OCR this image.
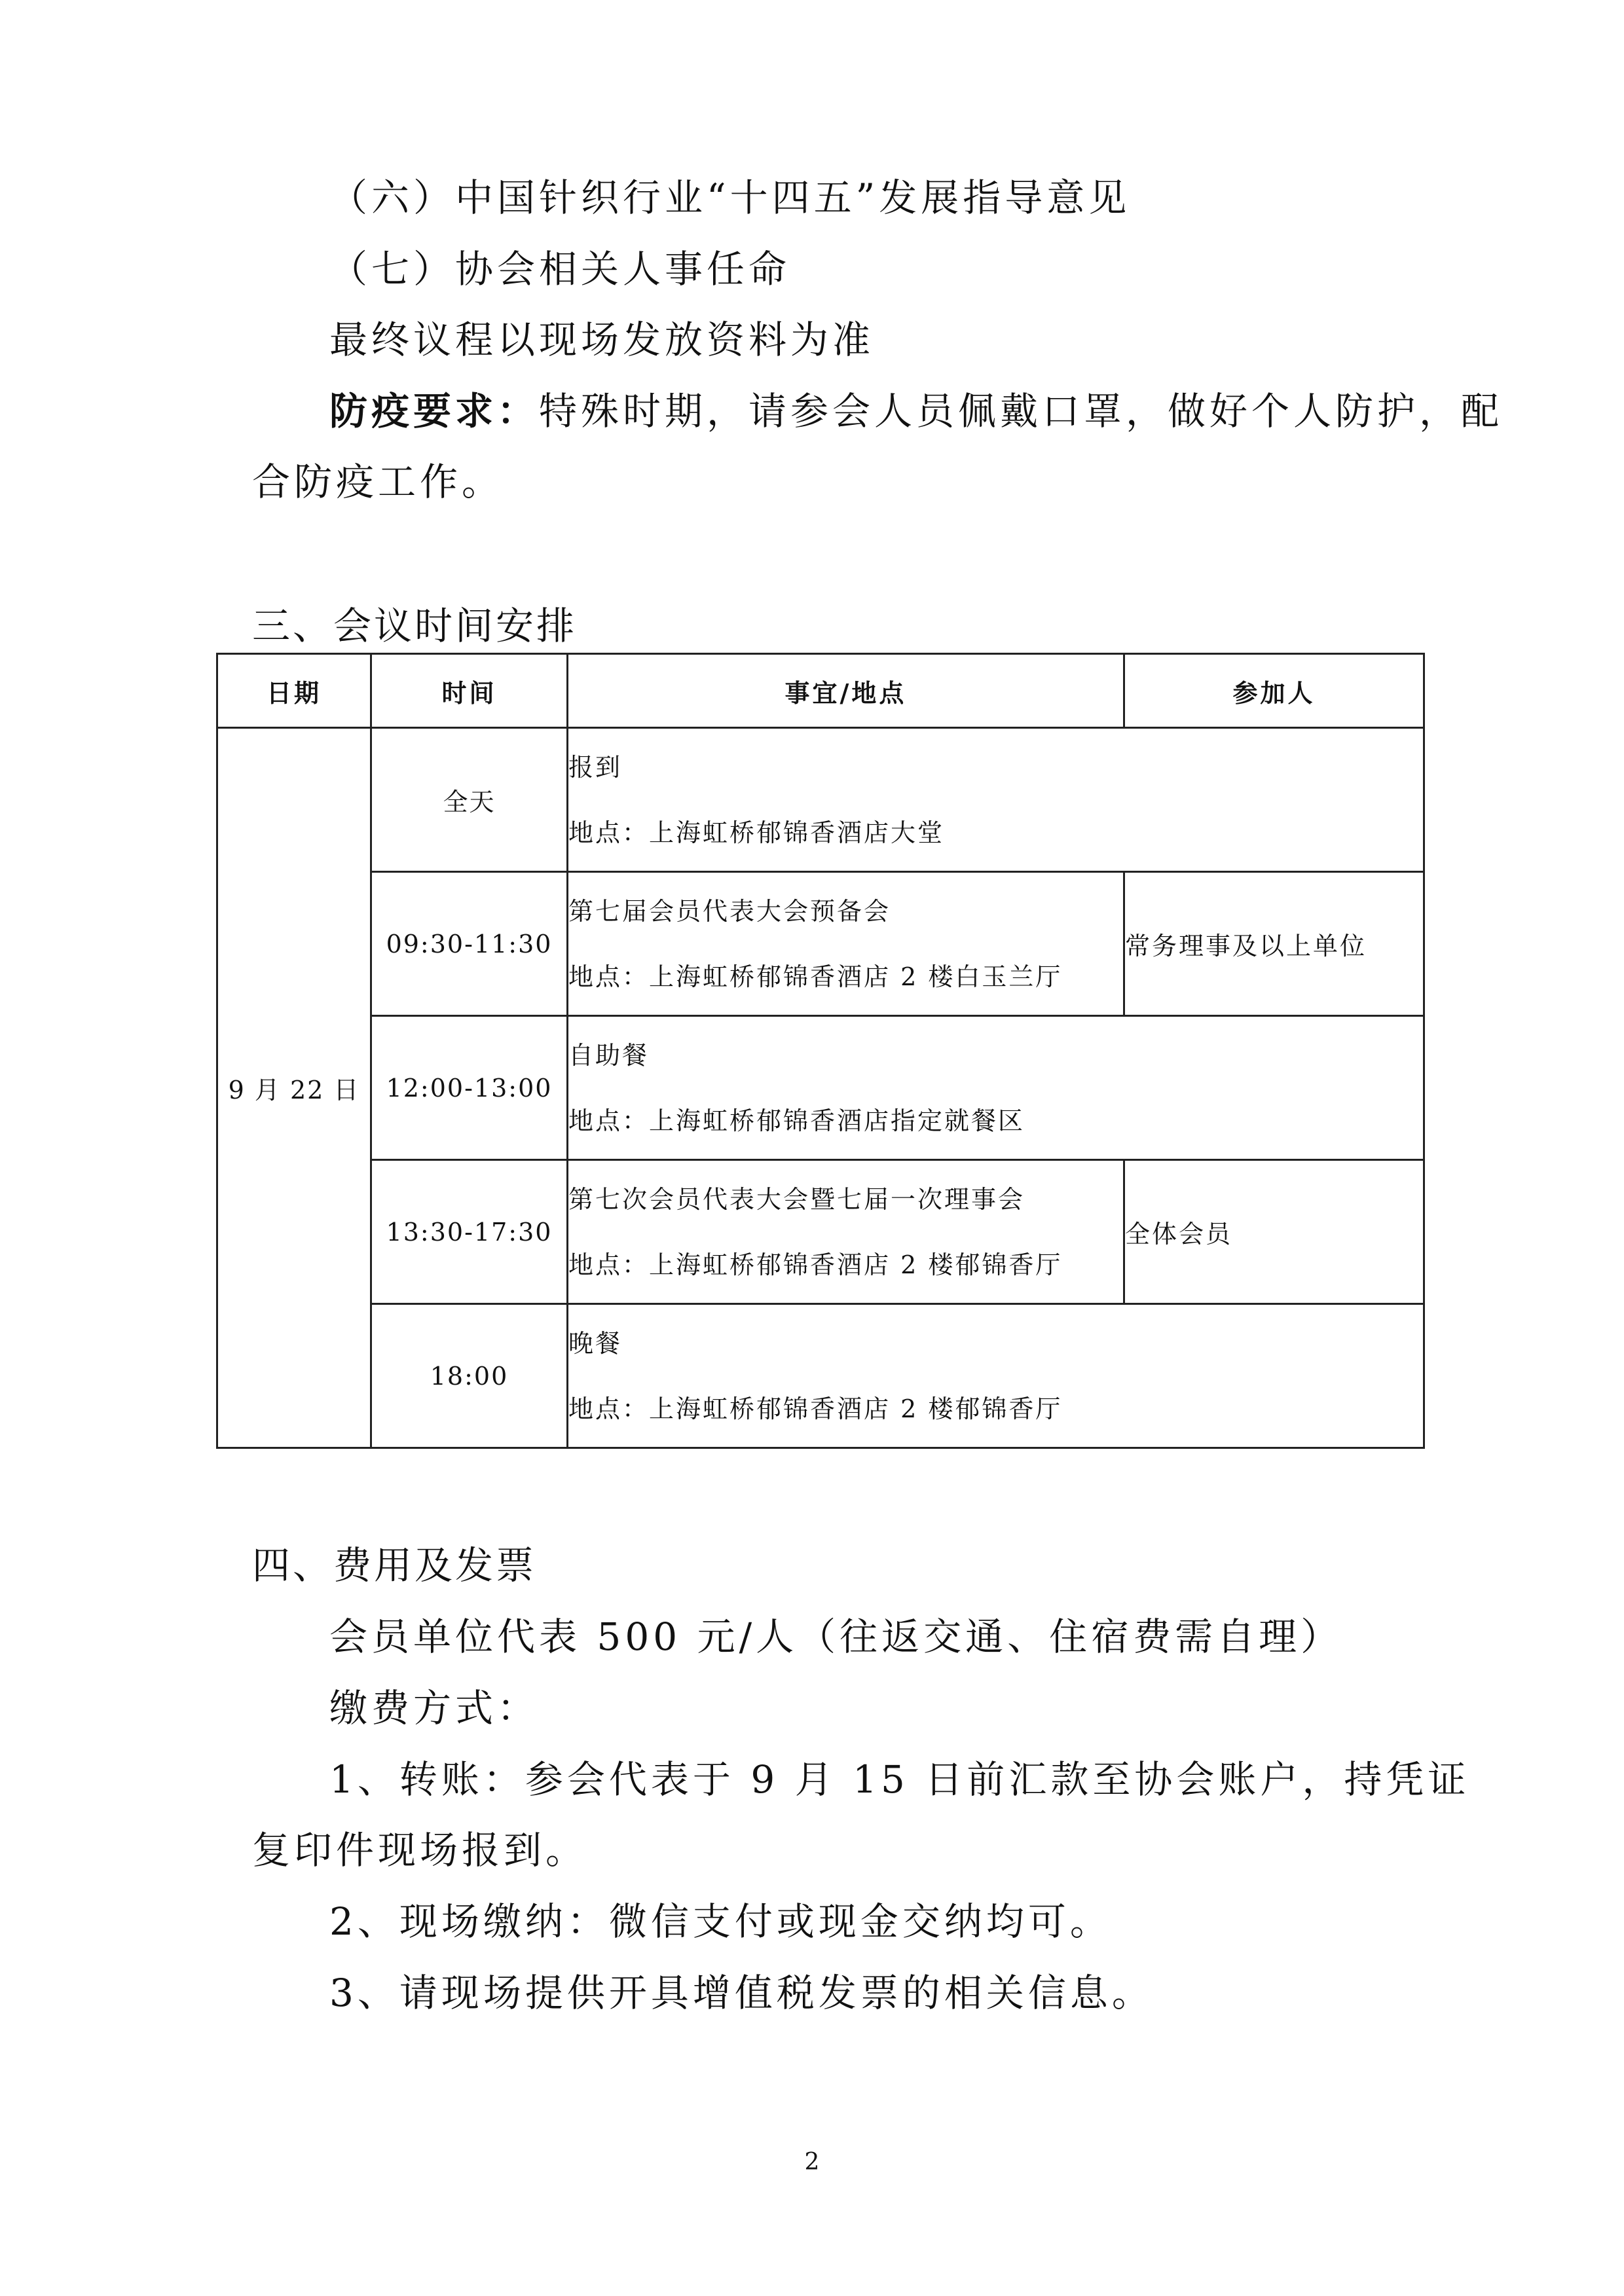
（六）中国针织行业“十四五”发展指导意见
（七）协会相关人事任命
最终议程以现场发放资料为准
防疫要求：特殊时期，请参会人员佩戴口罩，做好个人防护，配
合防疫工作。
三、会议时间安排
日期	时间	事宜/地点	参加人
9 月 22 日	全天	报到
地点：上海虹桥郁锦香酒店大堂	

	09:30-11:30	第七届会员代表大会预备会
地点：上海虹桥郁锦香酒店 2 楼白玉兰厅	常务理事及以上单位
	12:00-13:00	自助餐
地点：上海虹桥郁锦香酒店指定就餐区	

	13:30-17:30	第七次会员代表大会暨七届一次理事会
地点：上海虹桥郁锦香酒店 2 楼郁锦香厅	全体会员
	18:00	晚餐
地点：上海虹桥郁锦香酒店 2 楼郁锦香厅	
四、费用及发票
会员单位代表 500 元/人（往返交通、住宿费需自理）
缴费方式：
1、转账：参会代表于 9 月 15 日前汇款至协会账户，持凭证
复印件现场报到。
2、现场缴纳：微信支付或现金交纳均可。
3、请现场提供开具增值税发票的相关信息。
2
